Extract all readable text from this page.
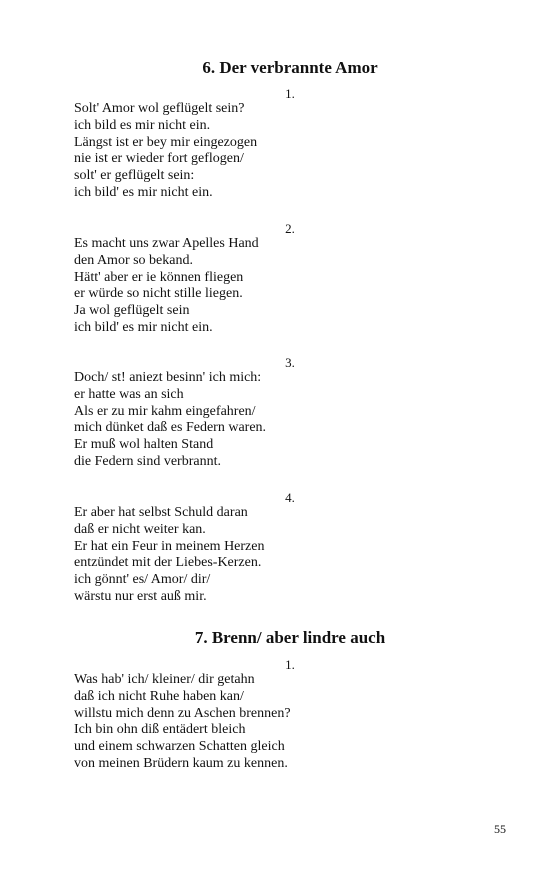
6. Der verbrannte Amor
1.
Solt' Amor wol geflügelt sein?
ich bild es mir nicht ein.
Längst ist er bey mir eingezogen
nie ist er wieder fort geflogen/
solt' er geflügelt sein:
ich bild' es mir nicht ein.
2.
Es macht uns zwar Apelles Hand
den Amor so bekand.
Hätt' aber er ie können fliegen
er würde so nicht stille liegen.
Ja wol geflügelt sein
ich bild' es mir nicht ein.
3.
Doch/ st! aniezt besinn' ich mich:
er hatte was an sich
Als er zu mir kahm eingefahren/
mich dünket daß es Federn waren.
Er muß wol halten Stand
die Federn sind verbrannt.
4.
Er aber hat selbst Schuld daran
daß er nicht weiter kan.
Er hat ein Feur in meinem Herzen
entzündet mit der Liebes-Kerzen.
ich gönnt' es/ Amor/ dir/
wärstu nur erst auß mir.
7. Brenn/ aber lindre auch
1.
Was hab' ich/ kleiner/ dir getahn
daß ich nicht Ruhe haben kan/
willstu mich denn zu Aschen brennen?
Ich bin ohn diß entädert bleich
und einem schwarzen Schatten gleich
von meinen Brüdern kaum zu kennen.
55
